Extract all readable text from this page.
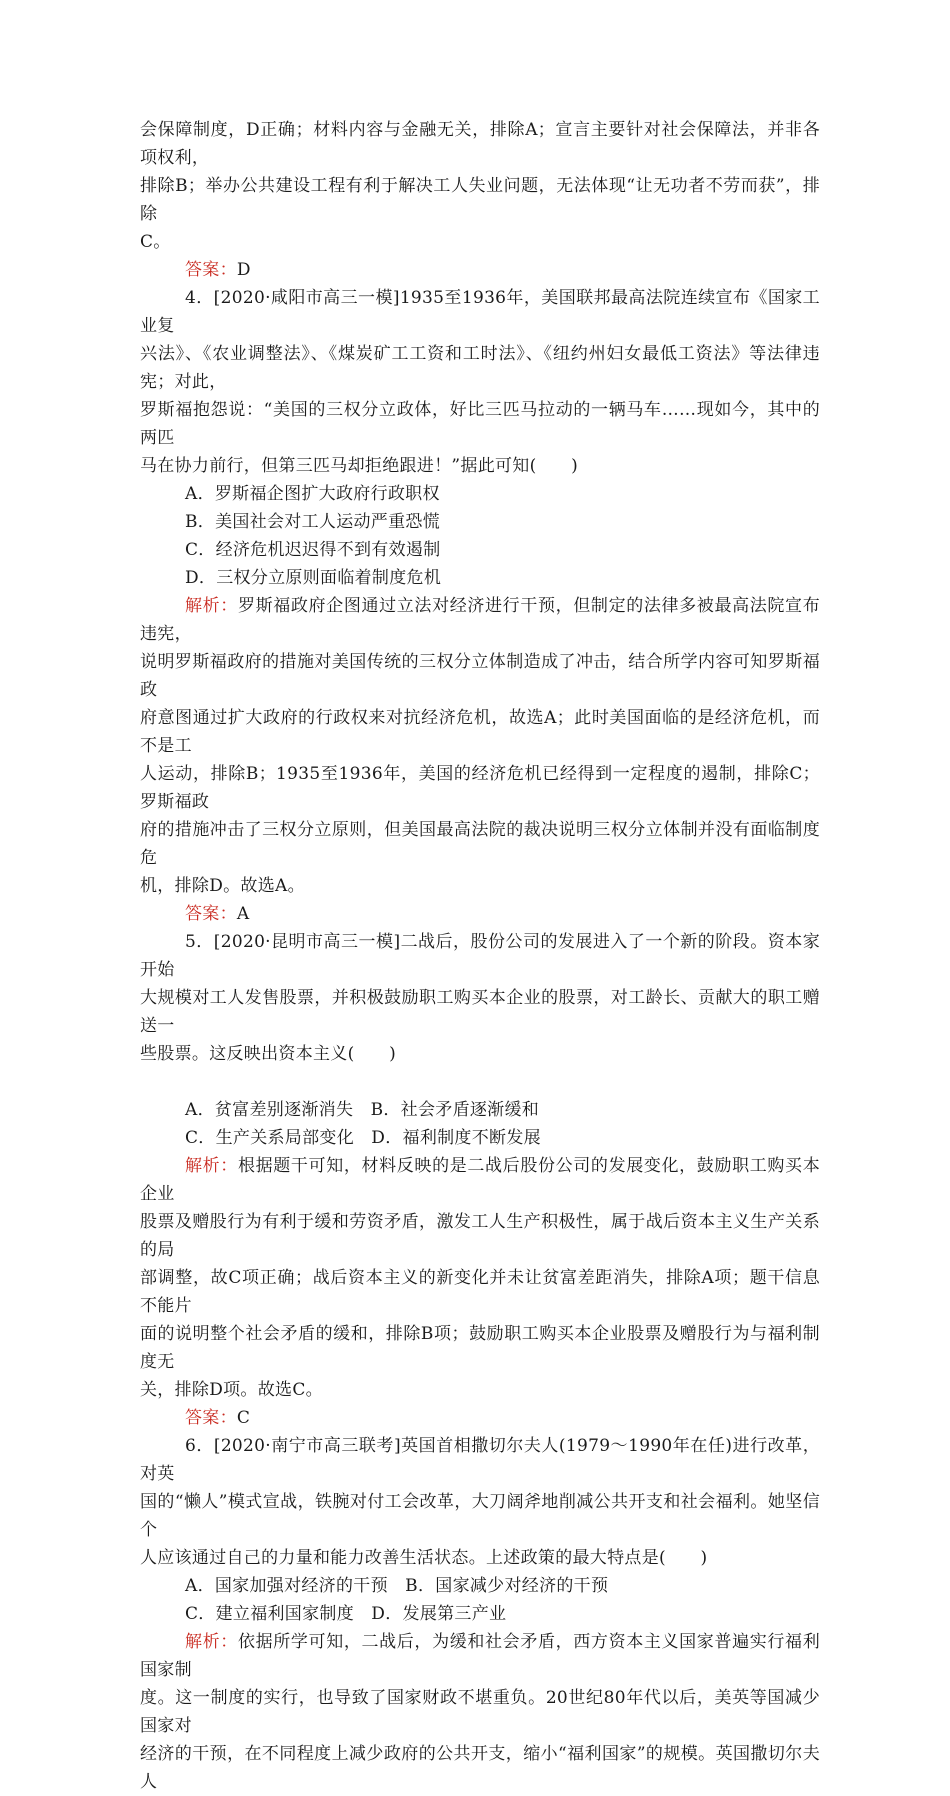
会保障制度，D正确；材料内容与金融无关，排除A；宣言主要针对社会保障法，并非各项权利，

排除B；举办公共建设工程有利于解决工人失业问题，无法体现“让无功者不劳而获”，排除

C。

答案：D

4．[2020·咸阳市高三一模]1935至1936年，美国联邦最高法院连续宣布《国家工业复

兴法》、《农业调整法》、《煤炭矿工工资和工时法》、《纽约州妇女最低工资法》等法律违宪；对此，

罗斯福抱怨说：“美国的三权分立政体，好比三匹马拉动的一辆马车……现如今，其中的两匹

马在协力前行，但第三匹马却拒绝跟进！”据此可知(　　)

A．罗斯福企图扩大政府行政职权

B．美国社会对工人运动严重恐慌

C．经济危机迟迟得不到有效遏制

D．三权分立原则面临着制度危机

解析：罗斯福政府企图通过立法对经济进行干预，但制定的法律多被最高法院宣布违宪，

说明罗斯福政府的措施对美国传统的三权分立体制造成了冲击，结合所学内容可知罗斯福政

府意图通过扩大政府的行政权来对抗经济危机，故选A；此时美国面临的是经济危机，而不是工

人运动，排除B；1935至1936年，美国的经济危机已经得到一定程度的遏制，排除C；罗斯福政

府的措施冲击了三权分立原则，但美国最高法院的裁决说明三权分立体制并没有面临制度危

机，排除D。故选A。

答案：A

5．[2020·昆明市高三一模]二战后，股份公司的发展进入了一个新的阶段。资本家开始

大规模对工人发售股票，并积极鼓励职工购买本企业的股票，对工龄长、贡献大的职工赠送一

些股票。这反映出资本主义(　　)

A．贫富差别逐渐消失　B．社会矛盾逐渐缓和

C．生产关系局部变化　D．福利制度不断发展

解析：根据题干可知，材料反映的是二战后股份公司的发展变化，鼓励职工购买本企业

股票及赠股行为有利于缓和劳资矛盾，激发工人生产积极性，属于战后资本主义生产关系的局

部调整，故C项正确；战后资本主义的新变化并未让贫富差距消失，排除A项；题干信息不能片

面的说明整个社会矛盾的缓和，排除B项；鼓励职工购买本企业股票及赠股行为与福利制度无

关，排除D项。故选C。

答案：C

6．[2020·南宁市高三联考]英国首相撒切尔夫人(1979～1990年在任)进行改革，对英

国的“懒人”模式宣战，铁腕对付工会改革，大刀阔斧地削减公共开支和社会福利。她坚信个

人应该通过自己的力量和能力改善生活状态。上述政策的最大特点是(　　)

A．国家加强对经济的干预　B．国家减少对经济的干预

C．建立福利国家制度　D．发展第三产业

解析：依据所学可知，二战后，为缓和社会矛盾，西方资本主义国家普遍实行福利国家制

度。这一制度的实行，也导致了国家财政不堪重负。20世纪80年代以后，美英等国减少国家对

经济的干预，在不同程度上减少政府的公共开支，缩小“福利国家”的规模。英国撒切尔夫人
